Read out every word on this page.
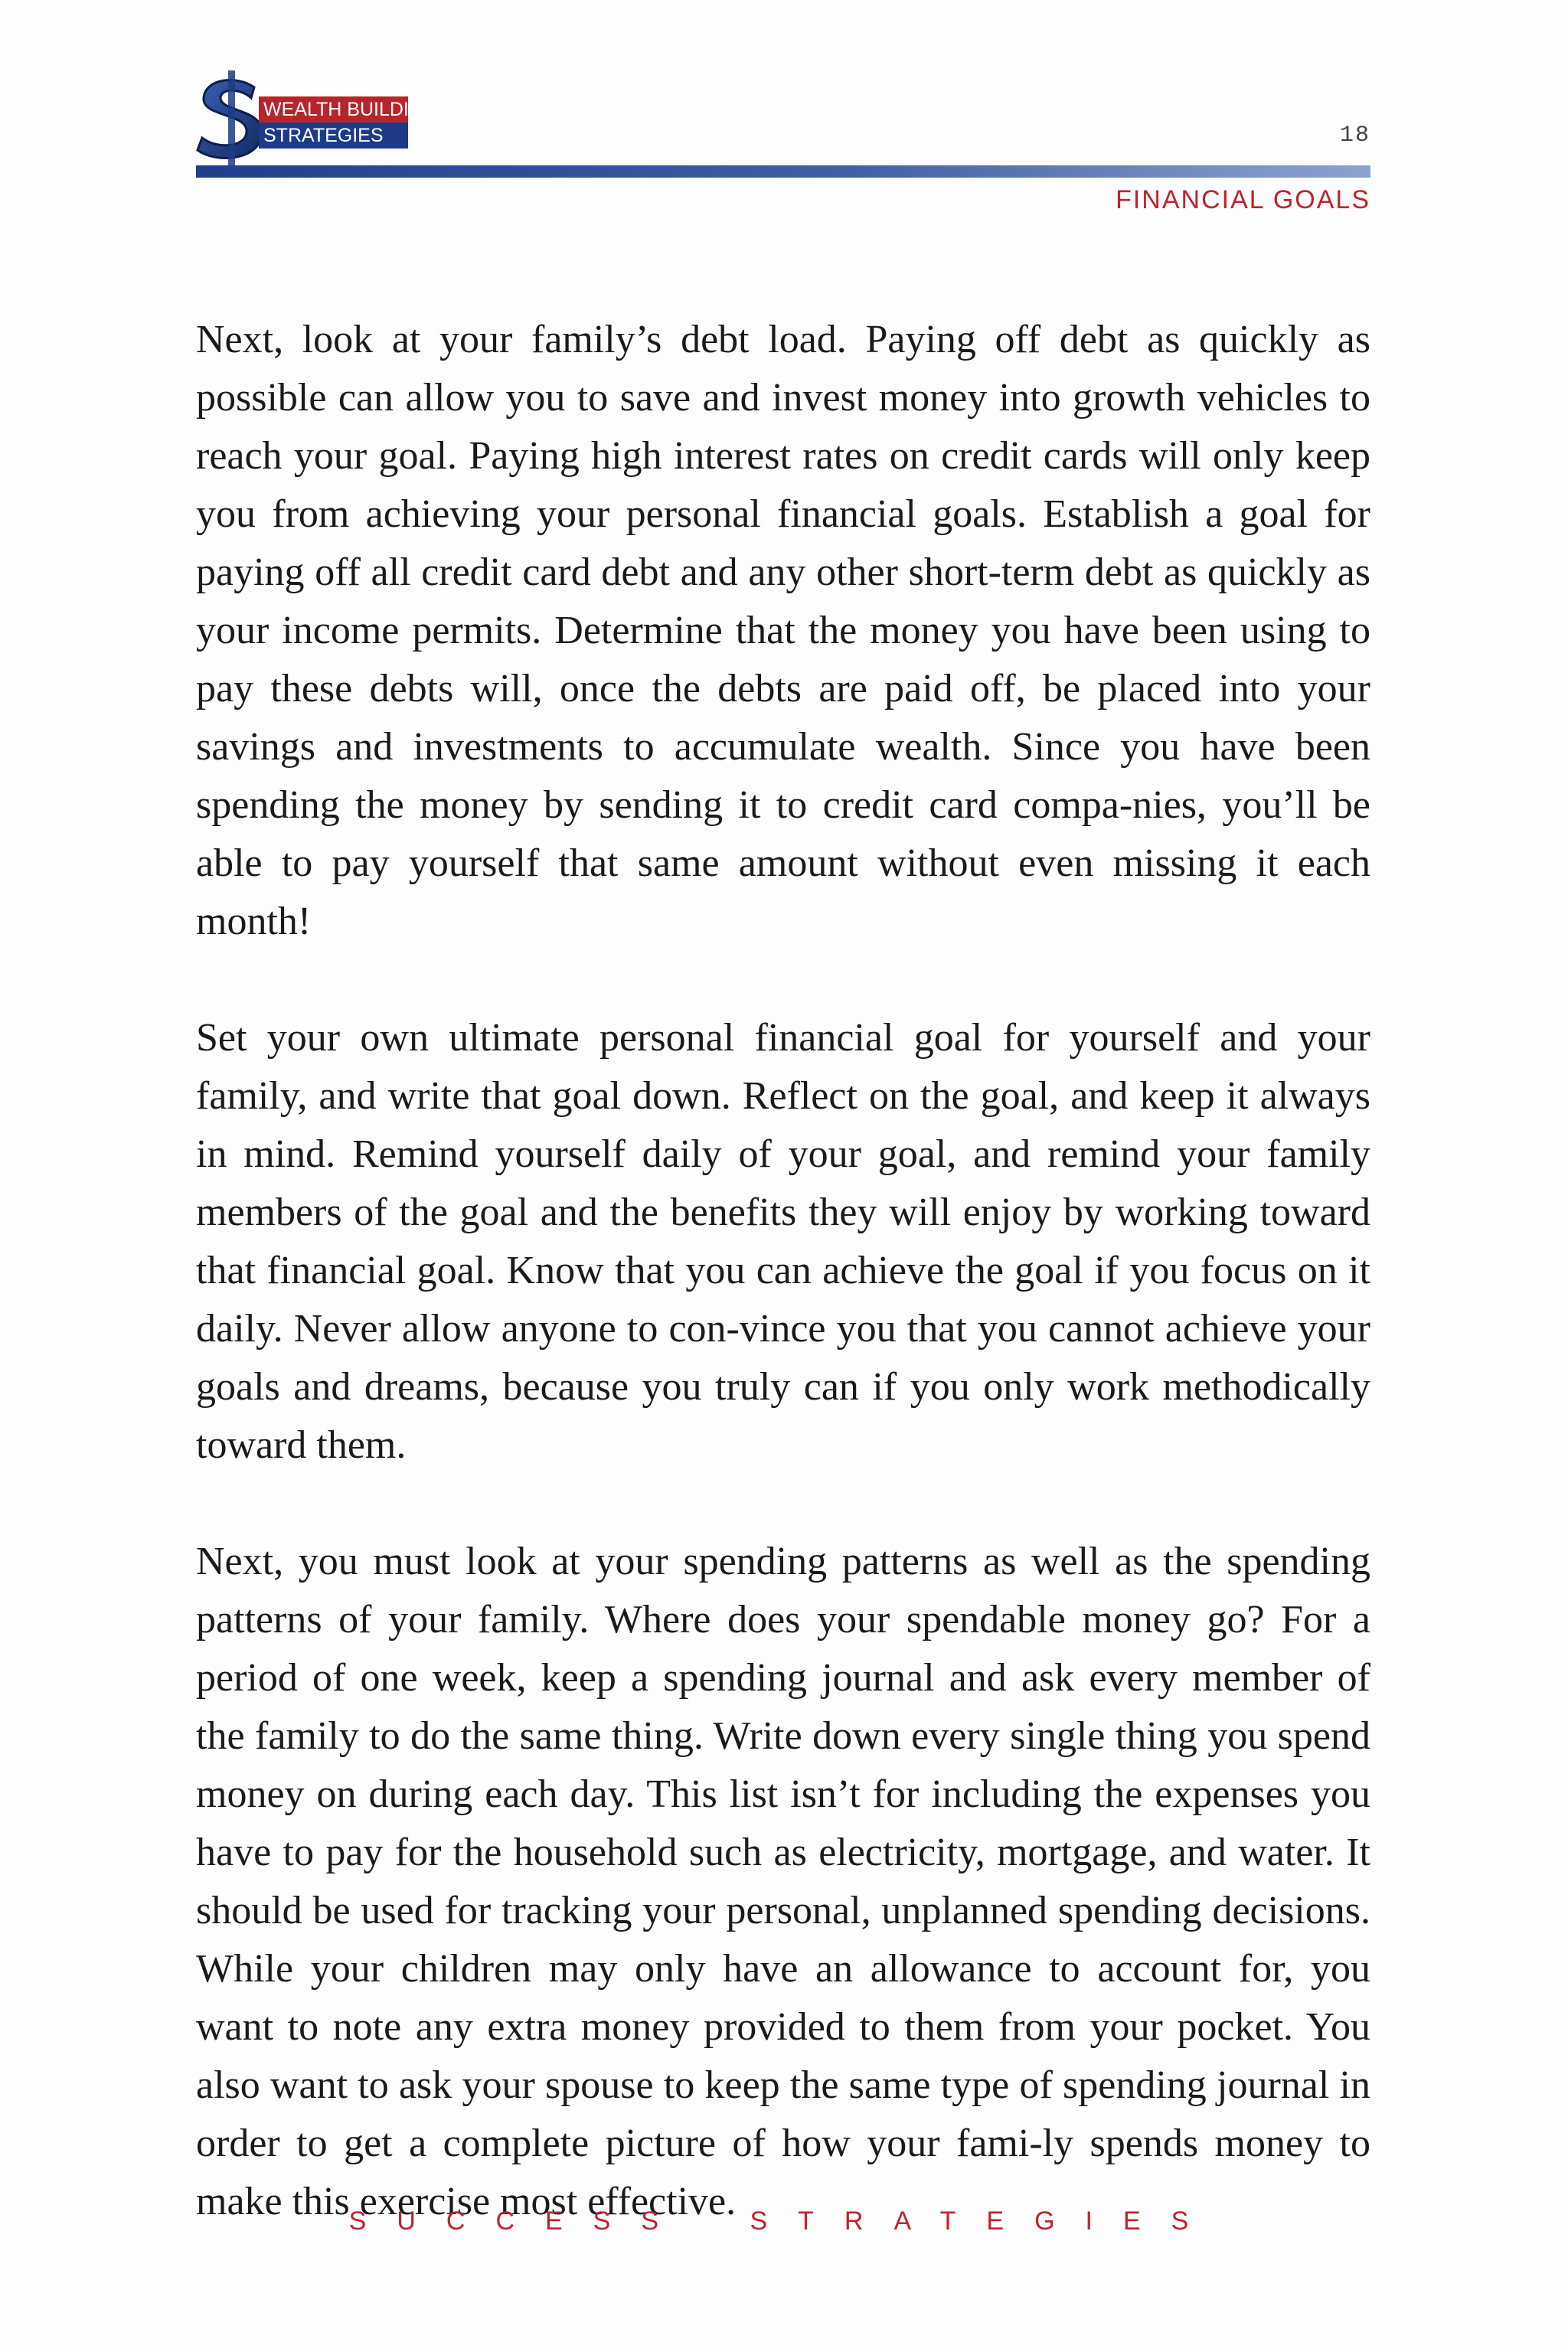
WEALTH BUILDING
STRATEGIES	18
FINANCIAL GOALS

Next, look at your family’s debt load. Paying off debt as quickly as possible can allow you to save and invest money into growth vehicles to reach your goal. Paying high interest rates on credit cards will only keep you from achieving your personal financial goals. Establish a goal for paying off all credit card debt and any other short-term debt as quickly as your income permits. Determine that the money you have been using to pay these debts will, once the debts are paid off, be placed into your savings and investments to accumulate wealth. Since you have been spending the money by sending it to credit card compa-nies, you’ll be able to pay yourself that same amount without even missing it each month!

Set your own ultimate personal financial goal for yourself and your family, and write that goal down. Reflect on the goal, and keep it always in mind. Remind yourself daily of your goal, and remind your family members of the goal and the benefits they will enjoy by working toward that financial goal. Know that you can achieve the goal if you focus on it daily. Never allow anyone to con-vince you that you cannot achieve your goals and dreams, because you truly can if you only work methodically toward them.

Next, you must look at your spending patterns as well as the spending patterns of your family. Where does your spendable money go? For a period of one week, keep a spending journal and ask every member of the family to do the same thing. Write down every single thing you spend money on during each day. This list isn’t for including the expenses you have to pay for the household such as electricity, mortgage, and water. It should be used for tracking your personal, unplanned spending decisions. While your children may only have an allowance to account for, you want to note any extra money provided to them from your pocket. You also want to ask your spouse to keep the same type of spending journal in order to get a complete picture of how your fami-ly spends money to make this exercise most effective.

SUCCESS STRATEGIES
